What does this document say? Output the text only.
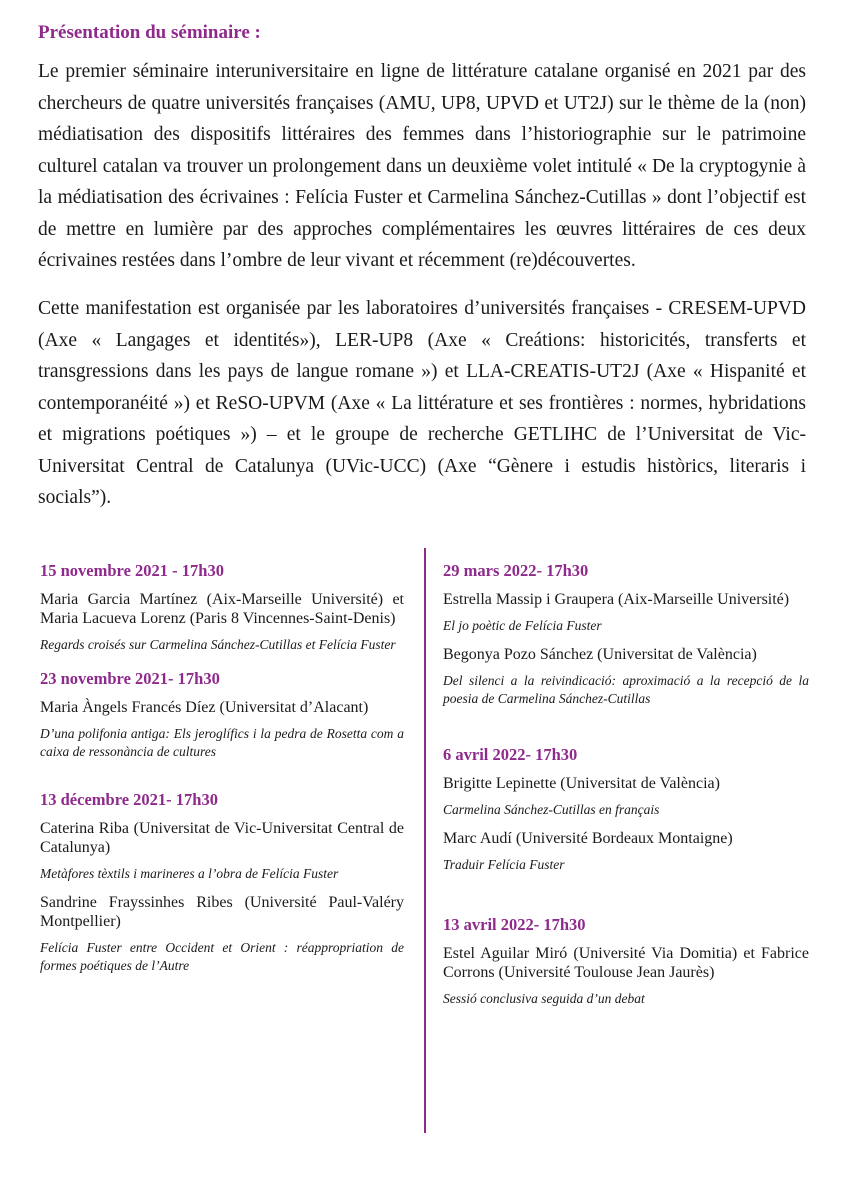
Présentation du séminaire :

Le premier séminaire interuniversitaire en ligne de littérature catalane organisé en 2021 par des chercheurs de quatre universités françaises (AMU, UP8, UPVD et UT2J) sur le thème de la (non) médiatisation des dispositifs littéraires des femmes dans l’historiographie sur le patrimoine culturel catalan va trouver un prolongement dans un deuxième volet intitulé « De la cryptogynie à la médiatisation des écrivaines : Felícia Fuster et Carmelina Sánchez-Cutillas » dont l’objectif est de mettre en lumière par des approches complémentaires les œuvres littéraires de ces deux écrivaines restées dans l’ombre de leur vivant et récemment (re)découvertes.

Cette manifestation est organisée par les laboratoires d’universités françaises - CRESEM-UPVD (Axe « Langages et identités»), LER-UP8 (Axe « Creátions: historicités, transferts et transgressions dans les pays de langue romane ») et LLA-CREATIS-UT2J (Axe « Hispanité et contemporanéité ») et ReSO-UPVM (Axe « La littérature et ses frontières : normes, hybridations et migrations poétiques ») – et le groupe de recherche GETLIHC de l’Universitat de Vic-Universitat Central de Catalunya (UVic-UCC) (Axe “Gènere i estudis històrics, literaris i socials”).

15 novembre 2021 - 17h30
Maria Garcia Martínez (Aix-Marseille Université) et Maria Lacueva Lorenz (Paris 8 Vincennes-Saint-Denis)
Regards croisés sur Carmelina Sánchez-Cutillas et Felícia Fuster
23 novembre 2021- 17h30
Maria Àngels Francés Díez (Universitat d’Alacant)
D’una polifonia antiga: Els jeroglífics i la pedra de Rosetta com a caixa de ressonància de cultures
13 décembre 2021- 17h30
Caterina Riba (Universitat de Vic-Universitat Central de Catalunya)
Metàfores tèxtils i marineres a l’obra de Felícia Fuster
Sandrine Frayssinhes Ribes (Université Paul-Valéry Montpellier)
Felícia Fuster entre Occident et Orient : réappropriation de formes poétiques de l’Autre
29 mars 2022- 17h30
Estrella Massip i Graupera (Aix-Marseille Université)
El jo poètic de Felícia Fuster
Begonya Pozo Sánchez (Universitat de València)
Del silenci a la reivindicació: aproximació a la recepció de la poesia de Carmelina Sánchez-Cutillas
6 avril 2022- 17h30
Brigitte Lepinette (Universitat de València)
Carmelina Sánchez-Cutillas en français
Marc Audí (Université Bordeaux Montaigne)
Traduir Felícia Fuster
13 avril 2022- 17h30
Estel Aguilar Miró (Université Via Domitia) et Fabrice Corrons (Université Toulouse Jean Jaurès)
Sessió conclusiva seguida d’un debat
